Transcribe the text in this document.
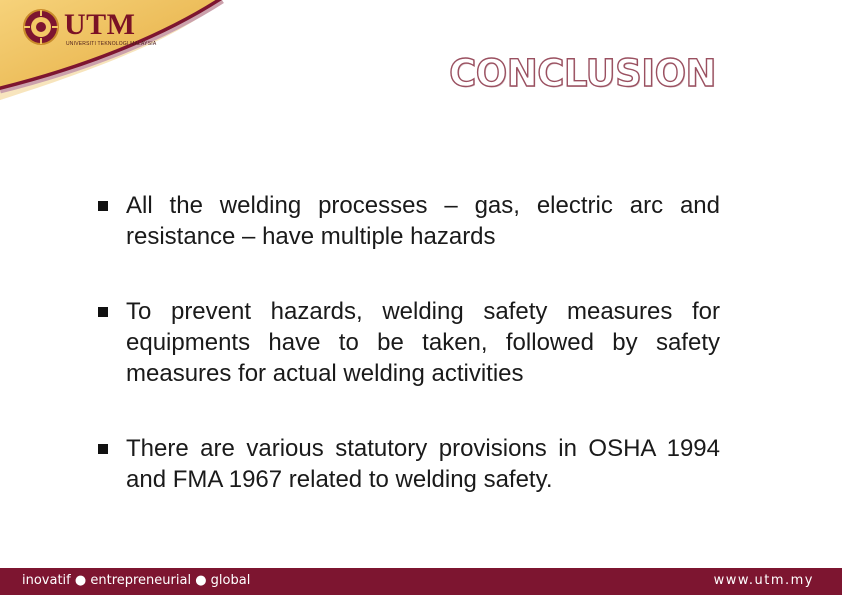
UTM
UNIVERSITI TEKNOLOGI MALAYSIA
CONCLUSION
All the welding processes – gas, electric arc and resistance – have multiple hazards
To prevent hazards, welding safety measures for equipments have to be taken, followed by safety measures for actual welding activities
There are various statutory provisions in OSHA 1994 and FMA 1967 related to welding safety.
inovatif ● entrepreneurial ● global	www.utm.my
